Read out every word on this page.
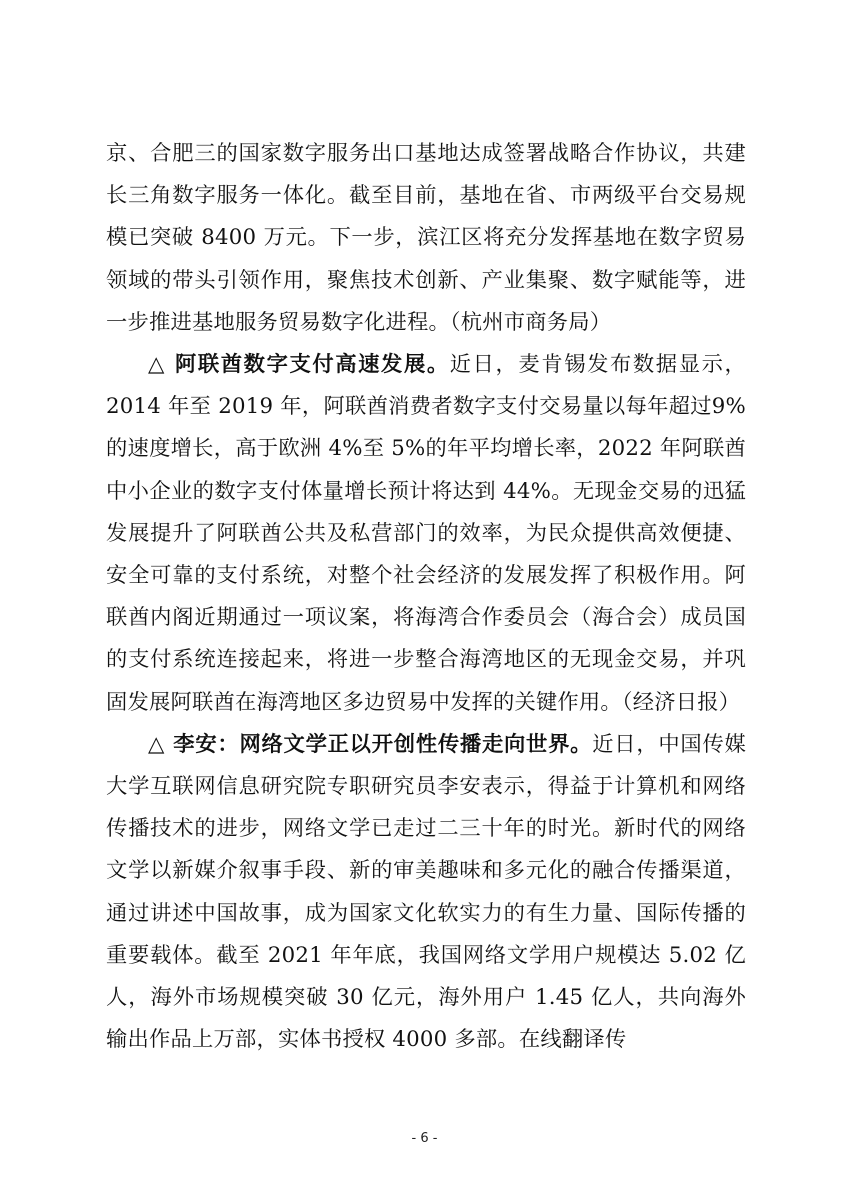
京、合肥三的国家数字服务出口基地达成签署战略合作协议，共建长三角数字服务一体化。截至目前，基地在省、市两级平台交易规模已突破 8400 万元。下一步，滨江区将充分发挥基地在数字贸易领域的带头引领作用，聚焦技术创新、产业集聚、数字赋能等，进一步推进基地服务贸易数字化进程。（杭州市商务局）

△ 阿联酋数字支付高速发展。近日，麦肯锡发布数据显示，2014 年至 2019 年，阿联酋消费者数字支付交易量以每年超过9%的速度增长，高于欧洲 4%至 5%的年平均增长率，2022 年阿联酋中小企业的数字支付体量增长预计将达到 44%。无现金交易的迅猛发展提升了阿联酋公共及私营部门的效率，为民众提供高效便捷、安全可靠的支付系统，对整个社会经济的发展发挥了积极作用。阿联酋内阁近期通过一项议案，将海湾合作委员会（海合会）成员国的支付系统连接起来，将进一步整合海湾地区的无现金交易，并巩固发展阿联酋在海湾地区多边贸易中发挥的关键作用。（经济日报）

△ 李安：网络文学正以开创性传播走向世界。近日，中国传媒大学互联网信息研究院专职研究员李安表示，得益于计算机和网络传播技术的进步，网络文学已走过二三十年的时光。新时代的网络文学以新媒介叙事手段、新的审美趣味和多元化的融合传播渠道，通过讲述中国故事，成为国家文化软实力的有生力量、国际传播的重要载体。截至 2021 年年底，我国网络文学用户规模达 5.02 亿人，海外市场规模突破 30 亿元，海外用户 1.45 亿人，共向海外输出作品上万部，实体书授权 4000 多部。在线翻译传

- 6 -
